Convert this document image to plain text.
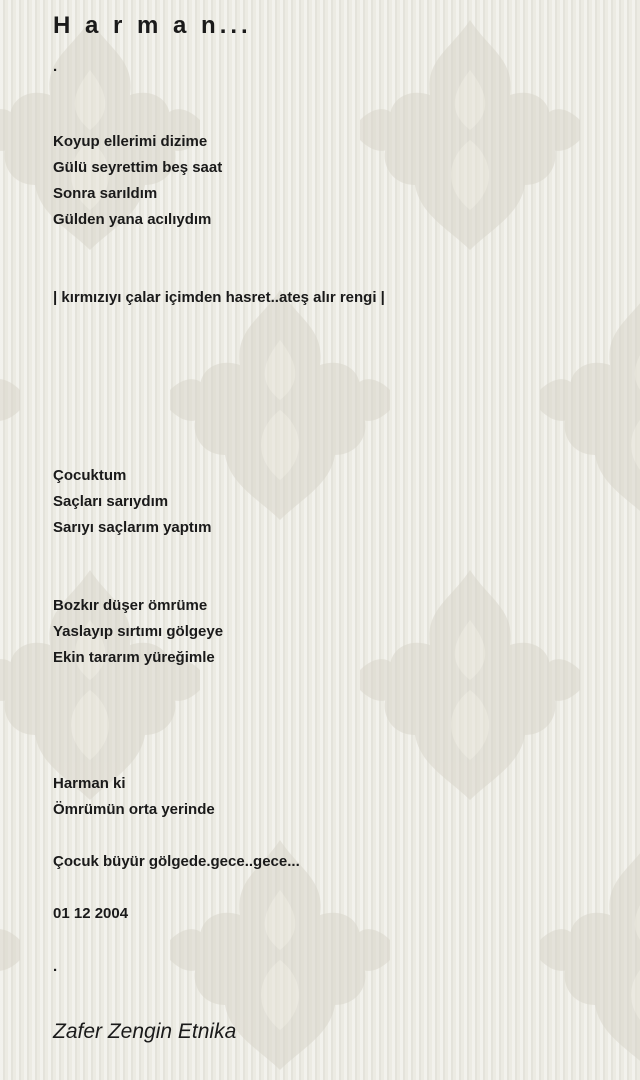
H a r m a n...
.
Koyup ellerimi dizime
Gülü seyrettim beş saat
Sonra sarıldım
Gülden yana acılıydım
| kırmızıyı çalar içimden hasret..ateş alır rengi |
Çocuktum
Saçları sarıydım
Sarıyı saçlarım yaptım
Bozkır düşer ömrüme
Yaslayıp sırtımı gölgeye
Ekin tararım yüreğimle
Harman ki
Ömrümün orta yerinde
Çocuk büyür gölgede.gece..gece...
01 12 2004
.
Zafer Zengin Etnika
